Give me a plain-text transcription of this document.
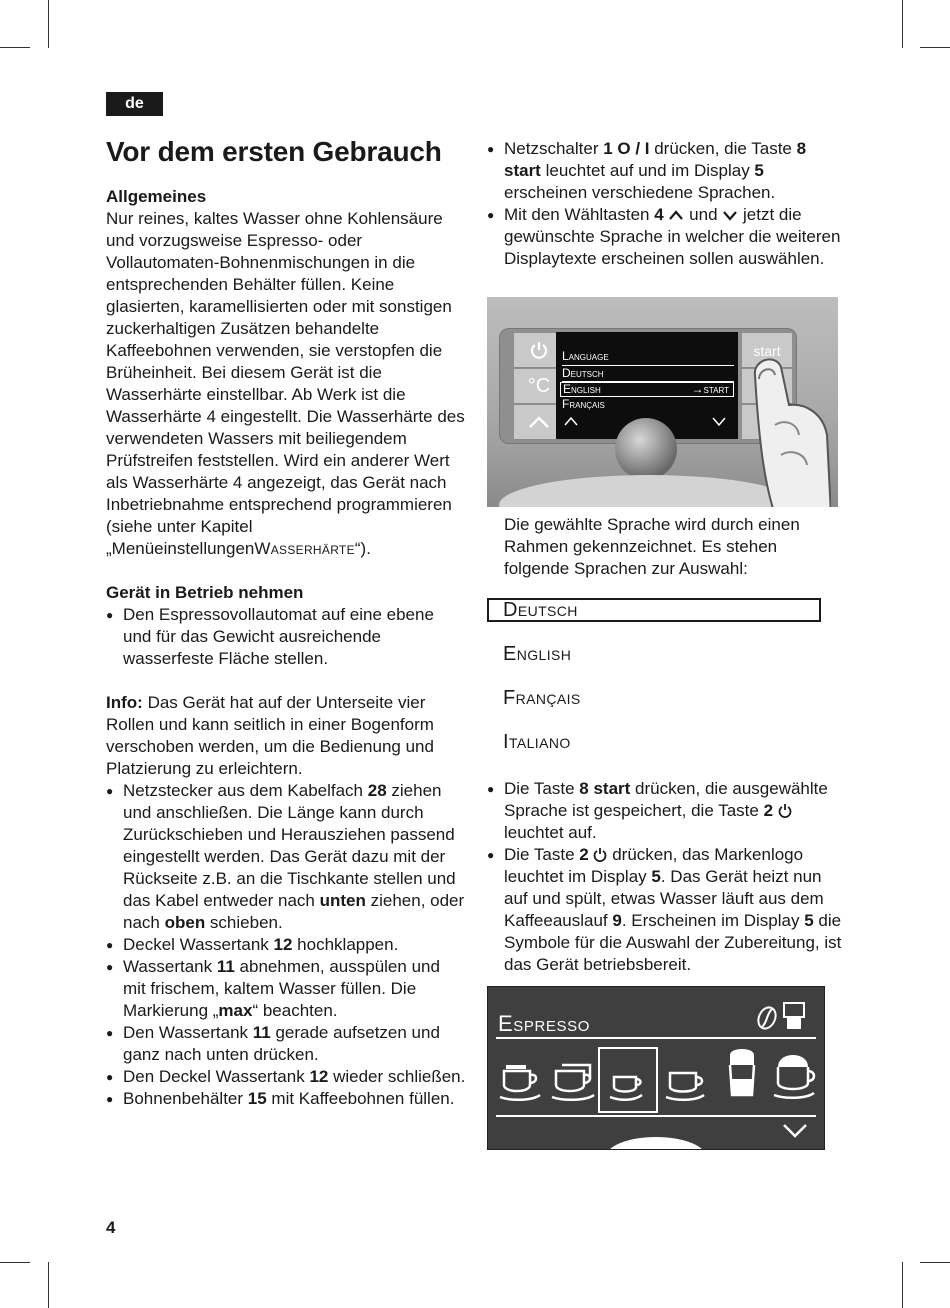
de
Vor dem ersten Gebrauch

Allgemeines

Nur reines, kaltes Wasser ohne Kohlensäure und vorzugsweise Espresso- oder Vollautomaten-Bohnenmischungen in die entsprechenden Behälter füllen. Keine glasierten, karamellisierten oder mit sonstigen zuckerhaltigen Zusätzen behandelte Kaffeebohnen verwenden, sie verstopfen die Brüheinheit. Bei diesem Gerät ist die Wasserhärte einstellbar. Ab Werk ist die Wasserhärte 4 eingestellt. Die Wasserhärte des verwendeten Wassers mit beiliegendem Prüfstreifen feststellen. Wird ein anderer Wert als Wasserhärte 4 angezeigt, das Gerät nach Inbetriebnahme entsprechend programmieren (siehe unter Kapitel „MenüeinstellungenWasserhärte“).

Gerät in Betrieb nehmen

● Den Espressovollautomat auf eine ebene und für das Gewicht ausreichende wasserfeste Fläche stellen.

Info: Das Gerät hat auf der Unterseite vier Rollen und kann seitlich in einer Bogenform verschoben werden, um die Bedienung und Platzierung zu erleichtern.

● Netzstecker aus dem Kabelfach 28 ziehen und anschließen. Die Länge kann durch Zurückschieben und Herausziehen passend eingestellt werden. Das Gerät dazu mit der Rückseite z.B. an die Tischkante stellen und das Kabel entweder nach unten ziehen, oder nach oben schieben.
● Deckel Wassertank 12 hochklappen.
● Wassertank 11 abnehmen, ausspülen und mit frischem, kaltem Wasser füllen. Die Markierung „max“ beachten.
● Den Wassertank 11 gerade aufsetzen und ganz nach unten drücken.
● Den Deckel Wassertank 12 wieder schließen.
● Bohnenbehälter 15 mit Kaffeebohnen füllen.
● Netzschalter 1 O / I drücken, die Taste 8 start leuchtet auf und im Display 5 erscheinen verschiedene Sprachen.
● Mit den Wähltasten 4  und  jetzt die gewünschte Sprache in welcher die weiteren Displaytexte erscheinen sollen auswählen.
°C
Language
Deutsch
English	→start
Français
start

Die gewählte Sprache wird durch einen Rahmen gekennzeichnet. Es stehen folgende Sprachen zur Auswahl:

Deutsch
English
Français
Italiano
● Die Taste 8 start drücken, die ausgewählte Sprache ist gespeichert, die Taste 2  leuchtet auf.
● Die Taste 2  drücken, das Markenlogo leuchtet im Display 5. Das Gerät heizt nun auf und spült, etwas Wasser läuft aus dem Kaffeeauslauf 9. Erscheinen im Display 5 die Symbole für die Auswahl der Zubereitung, ist das Gerät betriebsbereit.
Espresso
4
